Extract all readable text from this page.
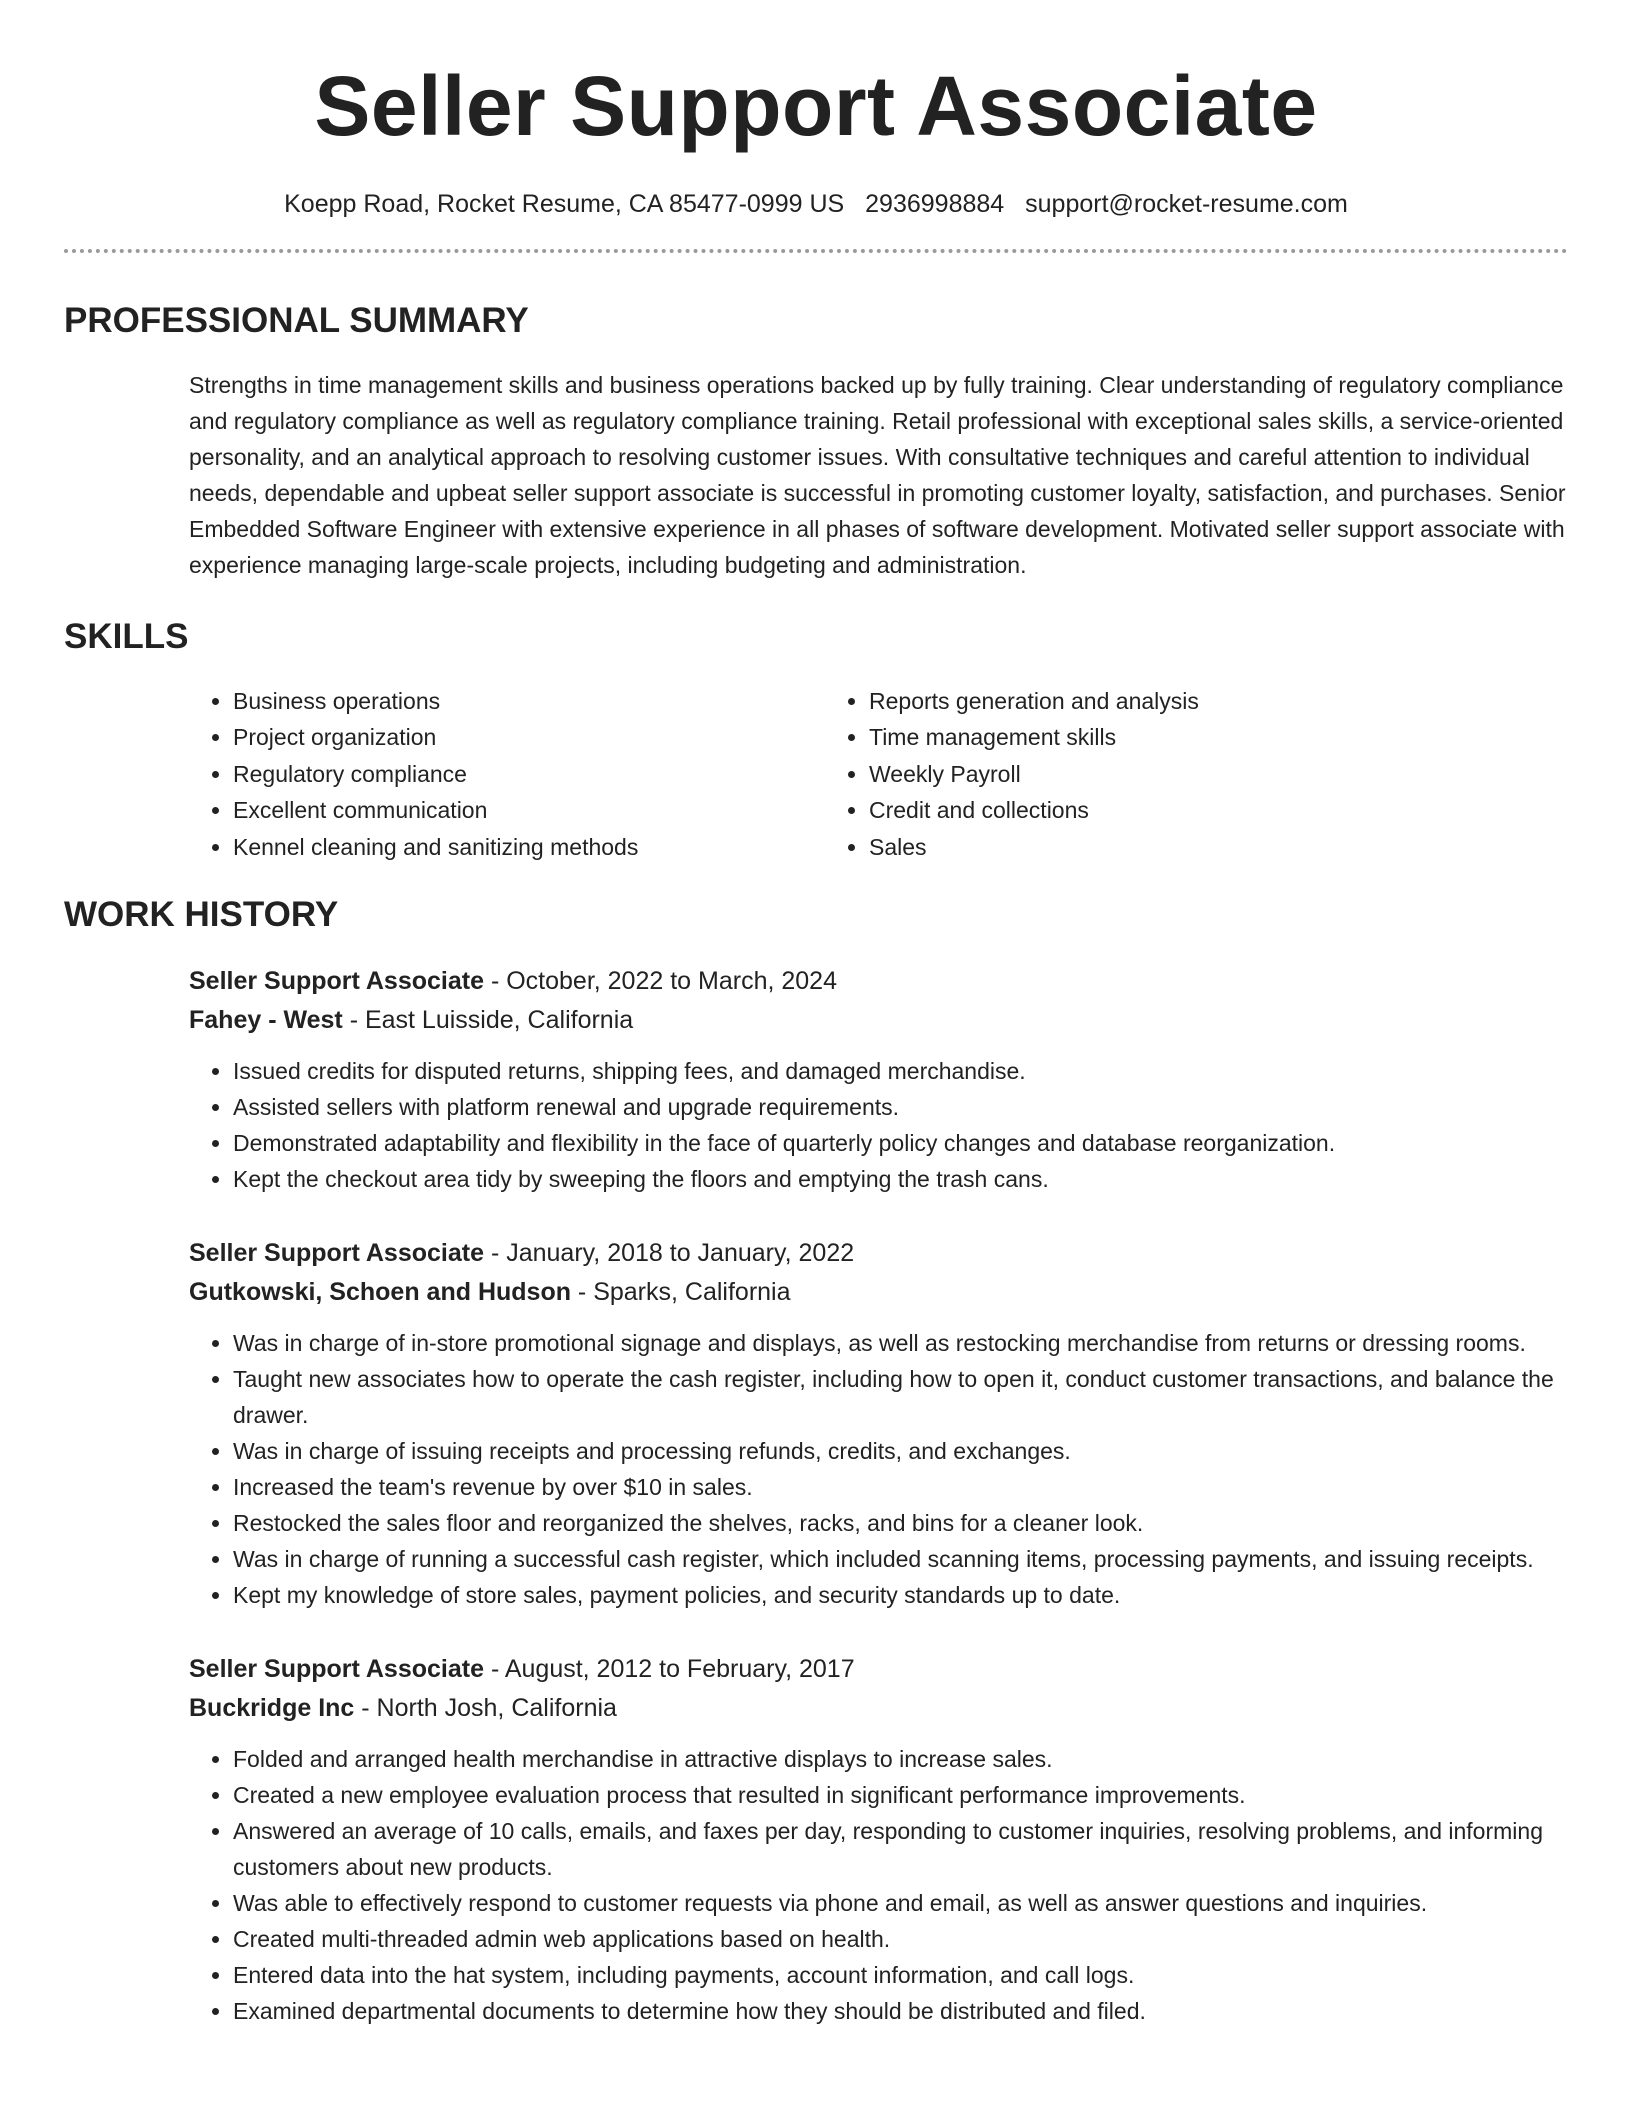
Seller Support Associate
Koepp Road, Rocket Resume, CA 85477-0999 US 2936998884 support@rocket-resume.com
PROFESSIONAL SUMMARY
Strengths in time management skills and business operations backed up by fully training. Clear understanding of regulatory compliance and regulatory compliance as well as regulatory compliance training. Retail professional with exceptional sales skills, a service-oriented personality, and an analytical approach to resolving customer issues. With consultative techniques and careful attention to individual needs, dependable and upbeat seller support associate is successful in promoting customer loyalty, satisfaction, and purchases. Senior Embedded Software Engineer with extensive experience in all phases of software development. Motivated seller support associate with experience managing large-scale projects, including budgeting and administration.
SKILLS
• Business operations
• Project organization
• Regulatory compliance
• Excellent communication
• Kennel cleaning and sanitizing methods
• Reports generation and analysis
• Time management skills
• Weekly Payroll
• Credit and collections
• Sales
WORK HISTORY
Seller Support Associate - October, 2022 to March, 2024
Fahey - West - East Luisside, California
• Issued credits for disputed returns, shipping fees, and damaged merchandise.
• Assisted sellers with platform renewal and upgrade requirements.
• Demonstrated adaptability and flexibility in the face of quarterly policy changes and database reorganization.
• Kept the checkout area tidy by sweeping the floors and emptying the trash cans.
Seller Support Associate - January, 2018 to January, 2022
Gutkowski, Schoen and Hudson - Sparks, California
• Was in charge of in-store promotional signage and displays, as well as restocking merchandise from returns or dressing rooms.
• Taught new associates how to operate the cash register, including how to open it, conduct customer transactions, and balance the drawer.
• Was in charge of issuing receipts and processing refunds, credits, and exchanges.
• Increased the team's revenue by over $10 in sales.
• Restocked the sales floor and reorganized the shelves, racks, and bins for a cleaner look.
• Was in charge of running a successful cash register, which included scanning items, processing payments, and issuing receipts.
• Kept my knowledge of store sales, payment policies, and security standards up to date.
Seller Support Associate - August, 2012 to February, 2017
Buckridge Inc - North Josh, California
• Folded and arranged health merchandise in attractive displays to increase sales.
• Created a new employee evaluation process that resulted in significant performance improvements.
• Answered an average of 10 calls, emails, and faxes per day, responding to customer inquiries, resolving problems, and informing customers about new products.
• Was able to effectively respond to customer requests via phone and email, as well as answer questions and inquiries.
• Created multi-threaded admin web applications based on health.
• Entered data into the hat system, including payments, account information, and call logs.
• Examined departmental documents to determine how they should be distributed and filed.
